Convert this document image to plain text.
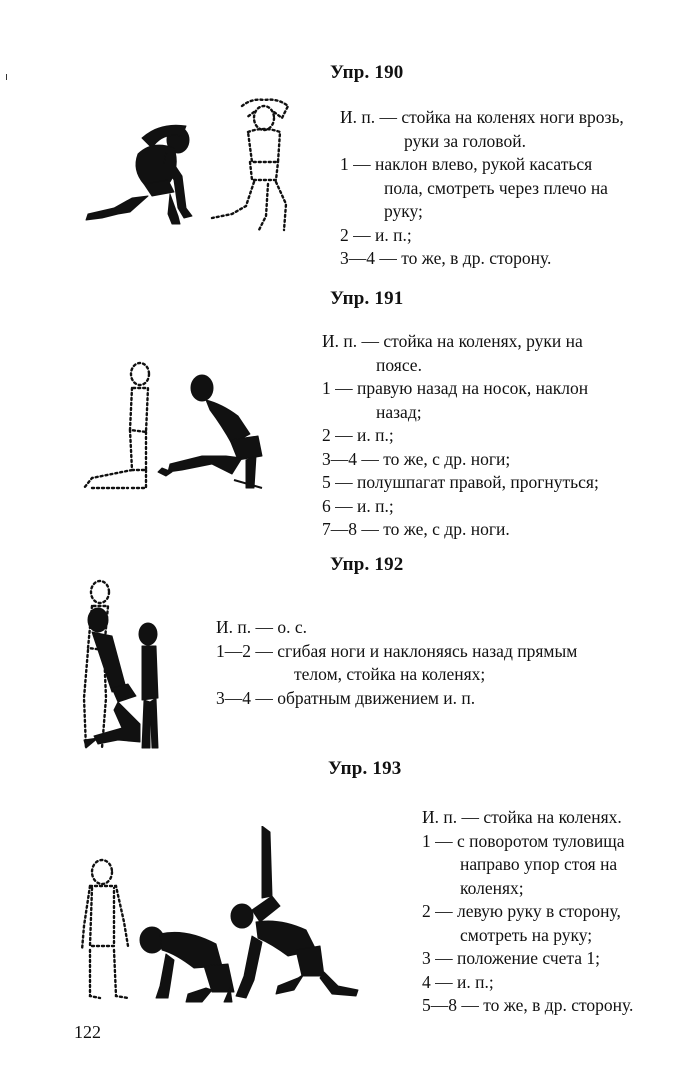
Упр. 190
И. п. — стойка на коленях ноги врозь,
руки за головой.
1 — наклон влево, рукой касаться
пола, смотреть через плечо на
руку;
2 — и. п.;
3—4 — то же, в др. сторону.
Упр. 191
И. п. — стойка на коленях, руки на
поясе.
1 — правую назад на носок, наклон
назад;
2 — и. п.;
3—4 — то же, с др. ноги;
5 — полушпагат правой, прогнуться;
6 — и. п.;
7—8 — то же, с др. ноги.
Упр. 192
И. п. — о. с.
1—2 — сгибая ноги и наклоняясь назад прямым
телом, стойка на коленях;
3—4 — обратным движением и. п.
Упр. 193
И. п. — стойка на коленях.
1 — с поворотом туловища
направо упор стоя на
коленях;
2 — левую руку в сторону,
смотреть на руку;
3 — положение счета 1;
4 — и. п.;
5—8 — то же, в др. сторону.
122
